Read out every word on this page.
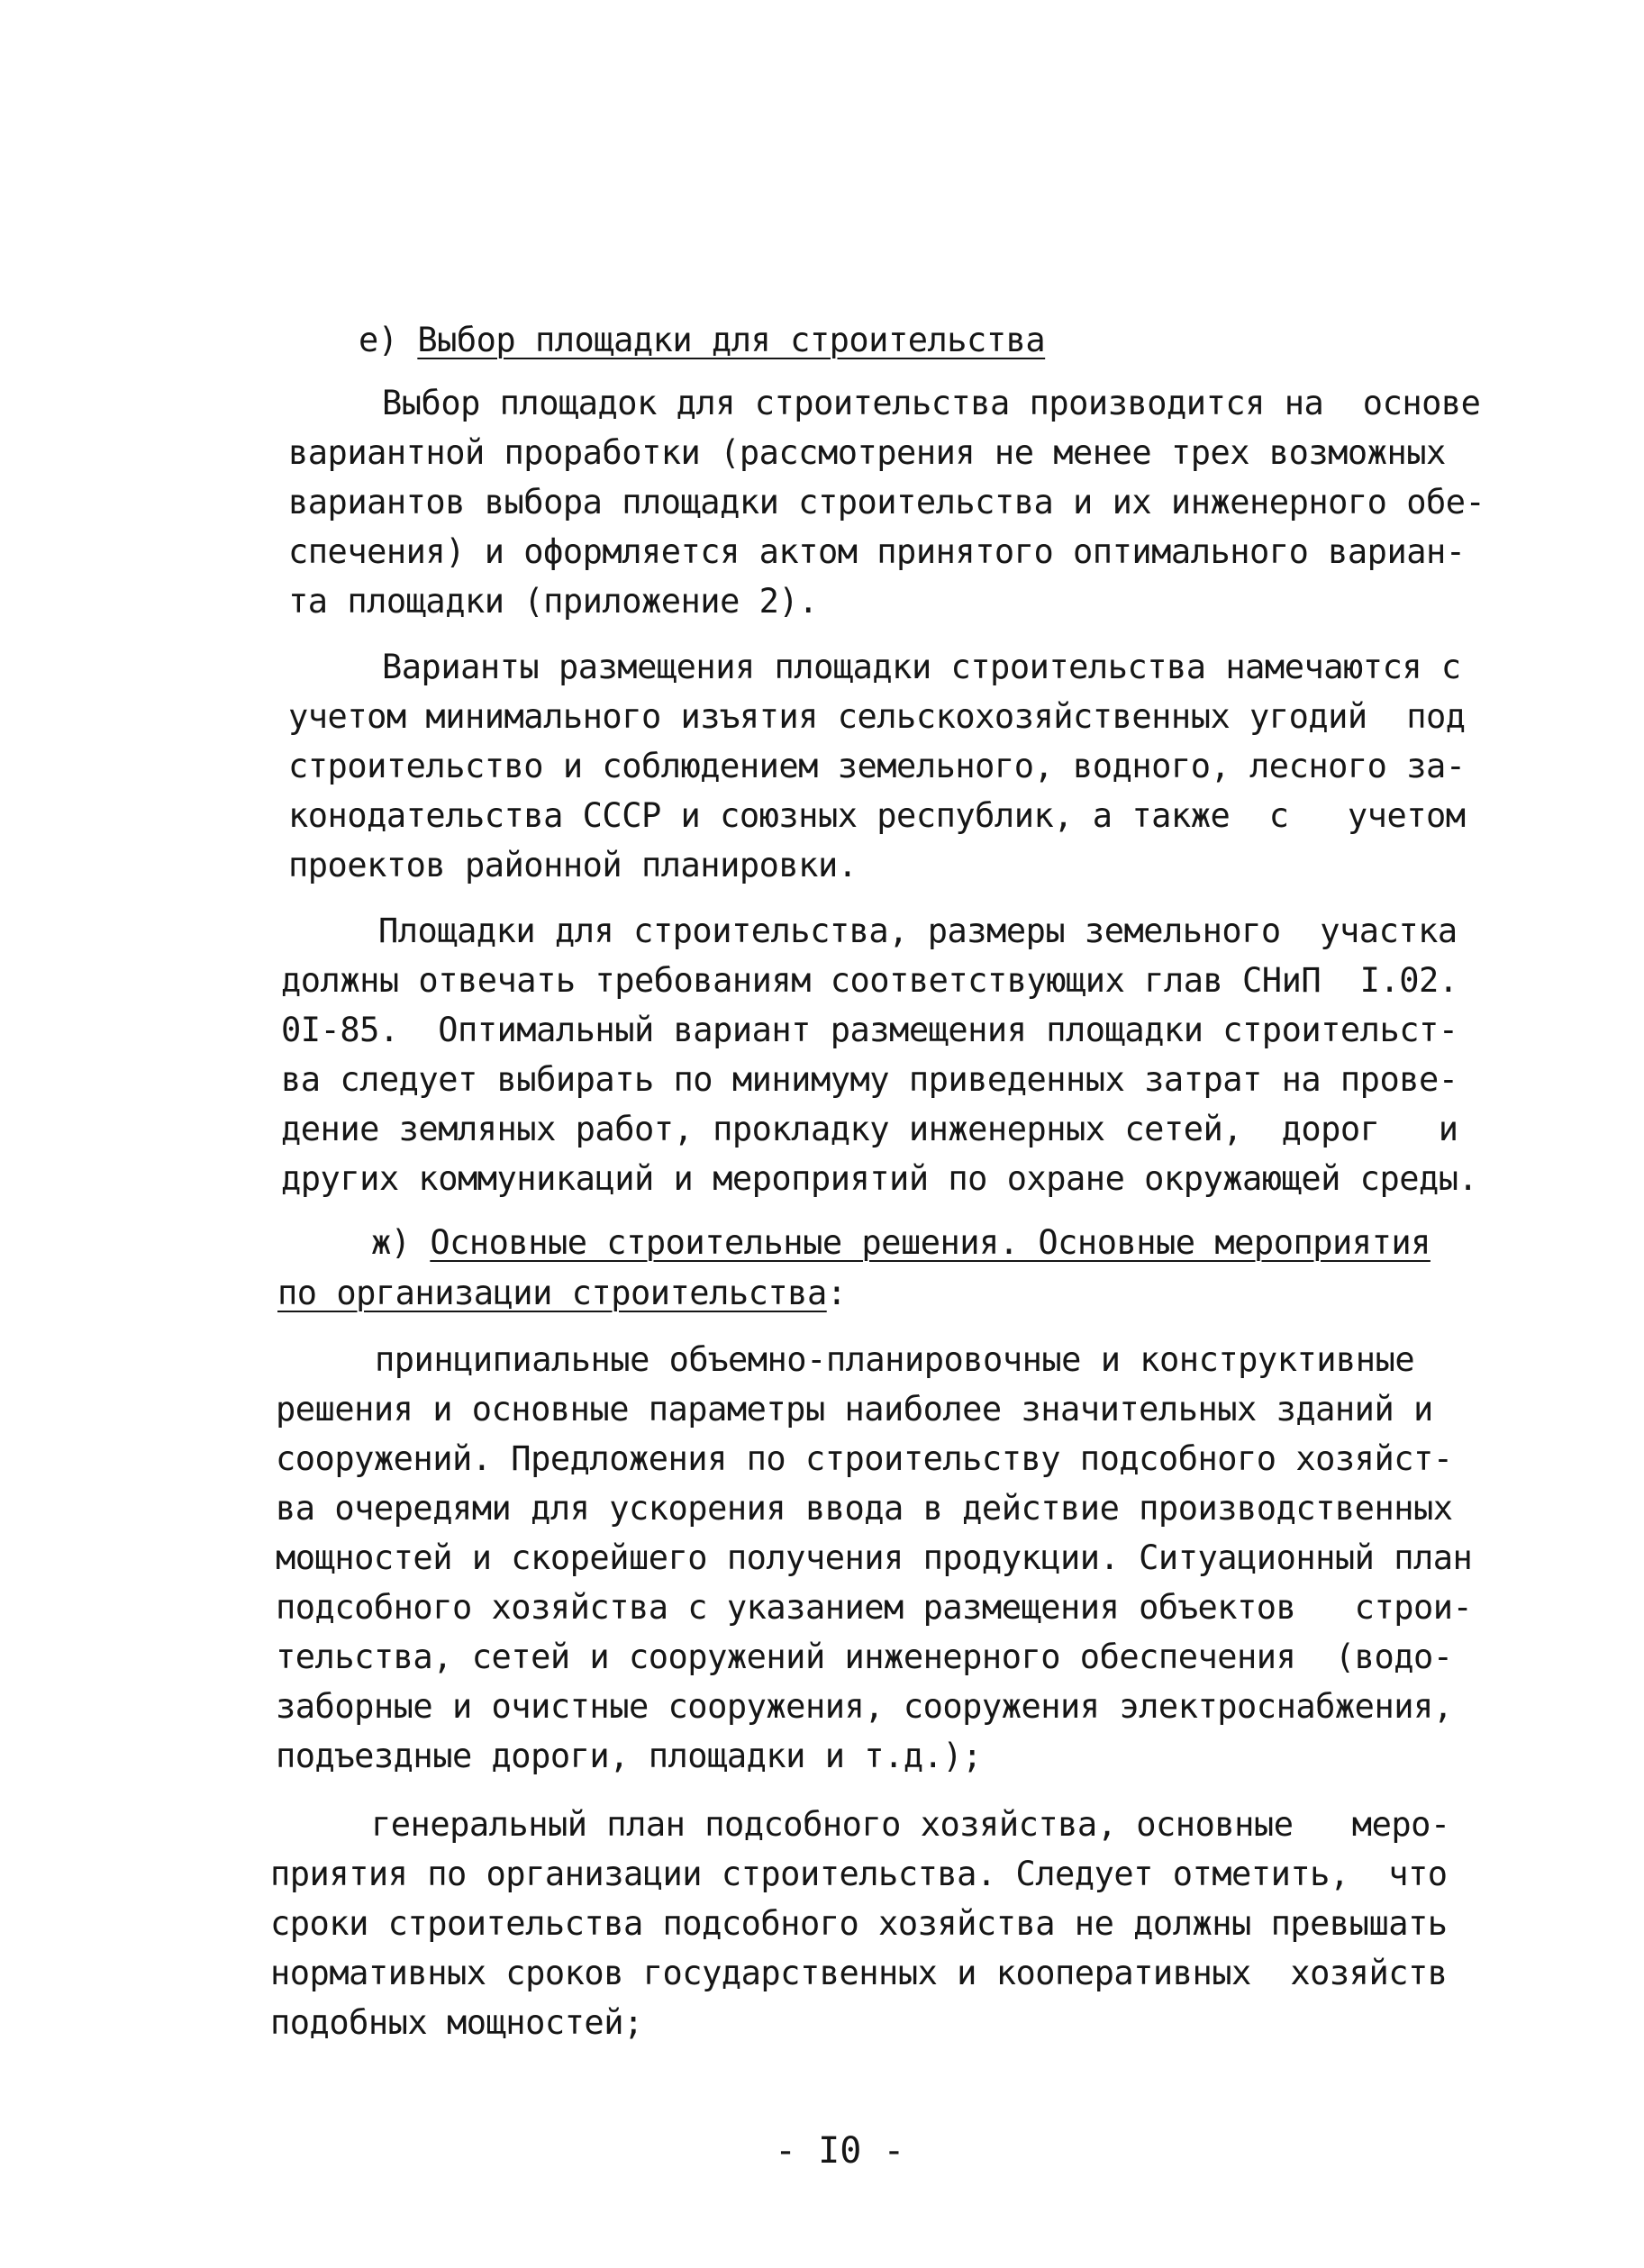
е) Выбор площадки для строительства
Выбор площадок для строительства производится на  основе
вариантной проработки (рассмотрения не менее трех возможных
вариантов выбора площадки строительства и их инженерного обе-
спечения) и оформляется актом принятого оптимального вариан-
та площадки (приложение 2).
Варианты размещения площадки строительства намечаются с
учетом минимального изъятия сельскохозяйственных угодий  под
строительство и соблюдением земельного, водного, лесного за-
конодательства СССР и союзных республик, а также  с   учетом
проектов районной планировки.
Площадки для строительства, размеры земельного  участка
должны отвечать требованиям соответствующих глав СНиП  I.02.
0I-85.  Оптимальный вариант размещения площадки строительст-
ва следует выбирать по минимуму приведенных затрат на прове-
дение земляных работ, прокладку инженерных сетей,  дорог   и
других коммуникаций и мероприятий по охране окружающей среды.
ж) Основные строительные решения. Основные мероприятия
по организации строительства:
принципиальные объемно-планировочные и конструктивные
решения и основные параметры наиболее значительных зданий и
сооружений. Предложения по строительству подсобного хозяйст-
ва очередями для ускорения ввода в действие производственных
мощностей и скорейшего получения продукции. Ситуационный план
подсобного хозяйства с указанием размещения объектов   строи-
тельства, сетей и сооружений инженерного обеспечения  (водо-
заборные и очистные сооружения, сооружения электроснабжения,
подъездные дороги, площадки и т.д.);
генеральный план подсобного хозяйства, основные   меро-
приятия по организации строительства. Следует отметить,  что
сроки строительства подсобного хозяйства не должны превышать
нормативных сроков государственных и кооперативных  хозяйств
подобных мощностей;
- I0 -
